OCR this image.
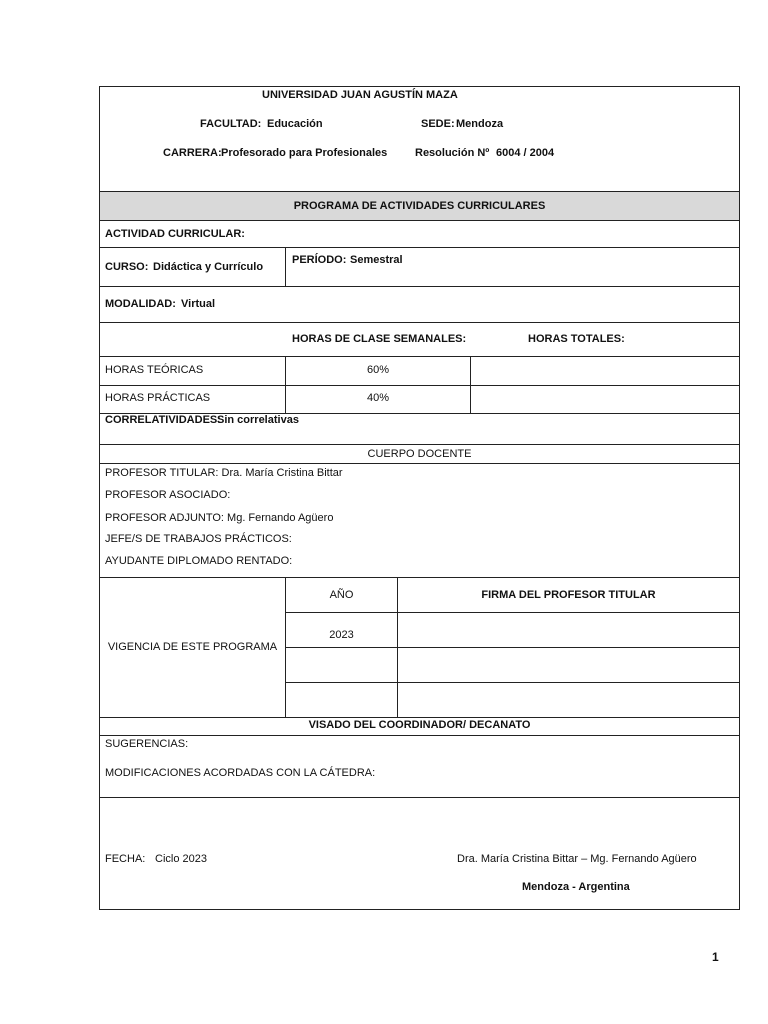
UNIVERSIDAD JUAN AGUSTÍN MAZA
FACULTAD: Educación	SEDE: Mendoza
CARRERA: Profesorado para Profesionales	Resolución Nº 6004 / 2004
PROGRAMA DE ACTIVIDADES CURRICULARES
ACTIVIDAD CURRICULAR:
CURSO: Didáctica y Currículo
PERÍODO: Semestral
MODALIDAD: Virtual
HORAS DE CLASE SEMANALES:	HORAS TOTALES:
HORAS TEÓRICAS	60%
HORAS PRÁCTICAS	40%
CORRELATIVIDADES:
Sin correlativas
CUERPO DOCENTE
PROFESOR TITULAR: Dra. María Cristina Bittar
PROFESOR ASOCIADO:
PROFESOR ADJUNTO: Mg. Fernando Agüero
JEFE/S DE TRABAJOS PRÁCTICOS:
AYUDANTE DIPLOMADO RENTADO:
AÑO	FIRMA DEL PROFESOR TITULAR
2023
VIGENCIA DE ESTE PROGRAMA
VISADO DEL COORDINADOR/ DECANATO
SUGERENCIAS:
MODIFICACIONES ACORDADAS CON LA CÁTEDRA:
FECHA: Ciclo 2023	Dra. María Cristina Bittar – Mg. Fernando Agüero
Mendoza - Argentina
1
